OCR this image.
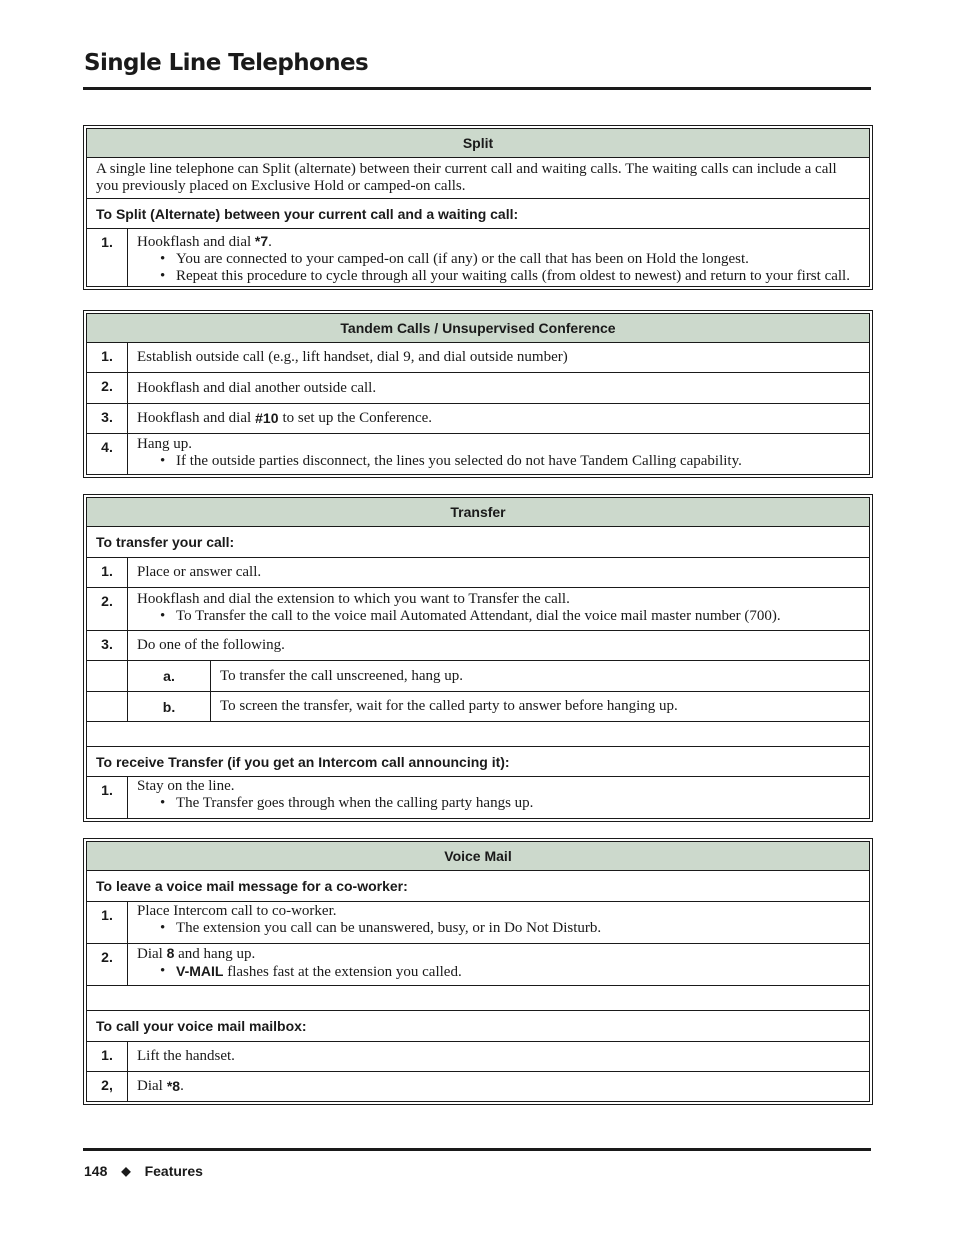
Single Line Telephones
Split
A single line telephone can Split (alternate) between their current call and waiting calls. The waiting calls can include a call you previously placed on Exclusive Hold or camped-on calls.
To Split (Alternate) between your current call and a waiting call:
1.	Hookflash and dial *7.
• You are connected to your camped-on call (if any) or the call that has been on Hold the longest.
• Repeat this procedure to cycle through all your waiting calls (from oldest to newest) and return to your first call.
Tandem Calls / Unsupervised Conference
1.	Establish outside call (e.g., lift handset, dial 9, and dial outside number)
2.	Hookflash and dial another outside call.
3.	Hookflash and dial #10 to set up the Conference.
4.	Hang up.
• If the outside parties disconnect, the lines you selected do not have Tandem Calling capability.
Transfer
To transfer your call:
1.	Place or answer call.
2.	Hookflash and dial the extension to which you want to Transfer the call.
• To Transfer the call to the voice mail Automated Attendant, dial the voice mail master number (700).
3.	Do one of the following.
a.	To transfer the call unscreened, hang up.
b.	To screen the transfer, wait for the called party to answer before hanging up.
To receive Transfer (if you get an Intercom call announcing it):
1.	Stay on the line.
• The Transfer goes through when the calling party hangs up.
Voice Mail
To leave a voice mail message for a co-worker:
1.	Place Intercom call to co-worker.
• The extension you call can be unanswered, busy, or in Do Not Disturb.
2.	Dial 8 and hang up.
• V-MAIL flashes fast at the extension you called.
To call your voice mail mailbox:
1.	Lift the handset.
2,	Dial *8 .
148 ◆ Features
